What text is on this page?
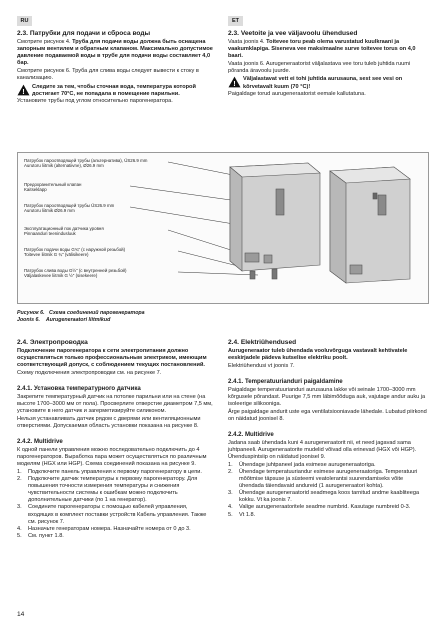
RU	ET
2.3. Патрубки для подачи и сброса воды

Смотрите рисунок 4. Труба для подачи воды должна быть оснащена запорным вентилем и обратным клапаном. Максимально допустимое давление подаваемой воды в трубе для подачи воды составляет 4,0 бар.

Смотрите рисунок 6. Труба для слива воды следует вывести к стоку в канализацию.

!
Следите за тем, чтобы сточная вода, температура которой достигает 70°С, не попадала в помещение парильни.

Установите трубы под углом относительно парогенератора.

2.3. Veetoite ja vee väljavoolu ühendused

Vaata joonis 4. Toitevee toru peab olema varustatud kuulkraani ja vaakumklapiga. Sisenevа vee maksimaalne surve toitevee torus on 4,0 baari.

Vaata joonis 6. Aurugeneraatorist väljalastava vee toru tuleb juhtida ruumi põranda äravoolu juurde.

!
Väljalastavat vett ei tohi juhtida aurusauna, sest see vesi on kõrvetavalt kuum (70 °C)!

Paigaldage torud aurugeneraatorist eemale kallutatuna.

Патрубок пароотводящей трубы (альтернатива), ÜS26.9 mm
Aurutoru liitmik (alternatiivne), Ø26.9 mm
Предохранительный клапан
Kaitseklapp
Патрубок пароотводящей трубы ÜS26.9 mm
Aurutoru liitmik Ø26.9 mm
Эксплуатационный пок датчика уровня
Pinnaanduri teenindusluuk
Патрубок подачи воды G¾" (с наружной резьбой)
Toitevee liitmik G ¾" (välisikeere)
Патрубок слива воды G½" (с внутренней резьбой)
Väljalaskevee liitmik G ½" (sisekeere)
Рисунок 6. Схема соединений парогенератора
Joonis 6. Aurugeneraatori liitmikud
2.4. Электропроводка

Подключение парогенератора к сети электропитания должно осуществляться только профессиональным электриком, имеющим соответствующий допуск, с соблюдением текущих постановлений.

Схему подключения электропроводки см. на рисунке 7.

2.4.1. Установка температурного датчика

Закрепите температурный датчик на потолке парильни или на стене (на высоте 1700–3000 мм от пола). Просверлите отверстие диаметром 7,5 мм, установите в него датчик и загерметизируйте силиконом.

Нельзя устанавливать датчик рядом с дверями или вентиляционными отверстиями. Допускаемая область установки показана на рисунке 8.

2.4.2. Multidrive

К одной панели управления можно последовательно подключить до 4 парогенераторов. Выработка пара может осуществляться по различным моделям (HGX или HGP). Схема соединений показана на рисунке 9.

1. Подключите панель управления к первому парогенератору в цепи.
2. Подключите датчик температуры к первому парогенератору. Для повышения точности измерения температуры и снижения чувствительности системы к ошибкам можно подключить дополнительные датчики (по 1 на генератор).
3. Соедините парогенераторы с помощью кабелей управления, входящих в комплект поставки устройств Кабель управления. Также см. рисунок 7.
4. Назначьте генераторам номера. Назначайте номера от 0 до 3.
5. См. пункт 1.8.
2.4. Elektriühendused

Aurugeneraator tuleb ühendada vooluvõrguga vastavalt kehtivatele eeskirjadele pädeva kutselise elektriku poolt.

Elektriühendusi vt joonis 7.

2.4.1. Temperatuurianduri paigaldamine

Paigaldage temperatuurianduri aurusauna lakke või seinale 1700–3000 mm kõrgusele põrandast. Puurige 7,5 mm läbimõõduga auk, vajutage andur auku ja isoleerige silikooniga.

Ärge paigaldage andurit uste ega ventilatsiooniavade lähedale. Lubatud piirkond on näidatud joonisel 8.

2.4.2. Multidrive

Jadana saab ühendada kuni 4 aurugeneraatorit nii, et need jagavad sama juhtpaneeli. Aurugeneraatorite mudelid võivad olla erinevad (HGX või HGP). Ühenduspintsiip on näidatud joonisel 9.

1. Ühendage juhtpaneel jada esimese aurugeneraatoriga.
2. Ühendage temperatuuriandur esimese aurugeneraatoriga. Temperatuuri mõõtmise täpsuse ja süsteemi veatolerantsi suurendamiseks võite ühendada täiendavaid andureid (1 aurugeneraatori kohta).
3. Ühendage aurugeneraatorid seadmega koos tarnitud andme kaabliteega kokku. Vt ka joonis 7.
4. Valige aurugeneraatoritele seadme numbrid. Kasutage numbreid 0-3.
5. Vt 1.8.
14
